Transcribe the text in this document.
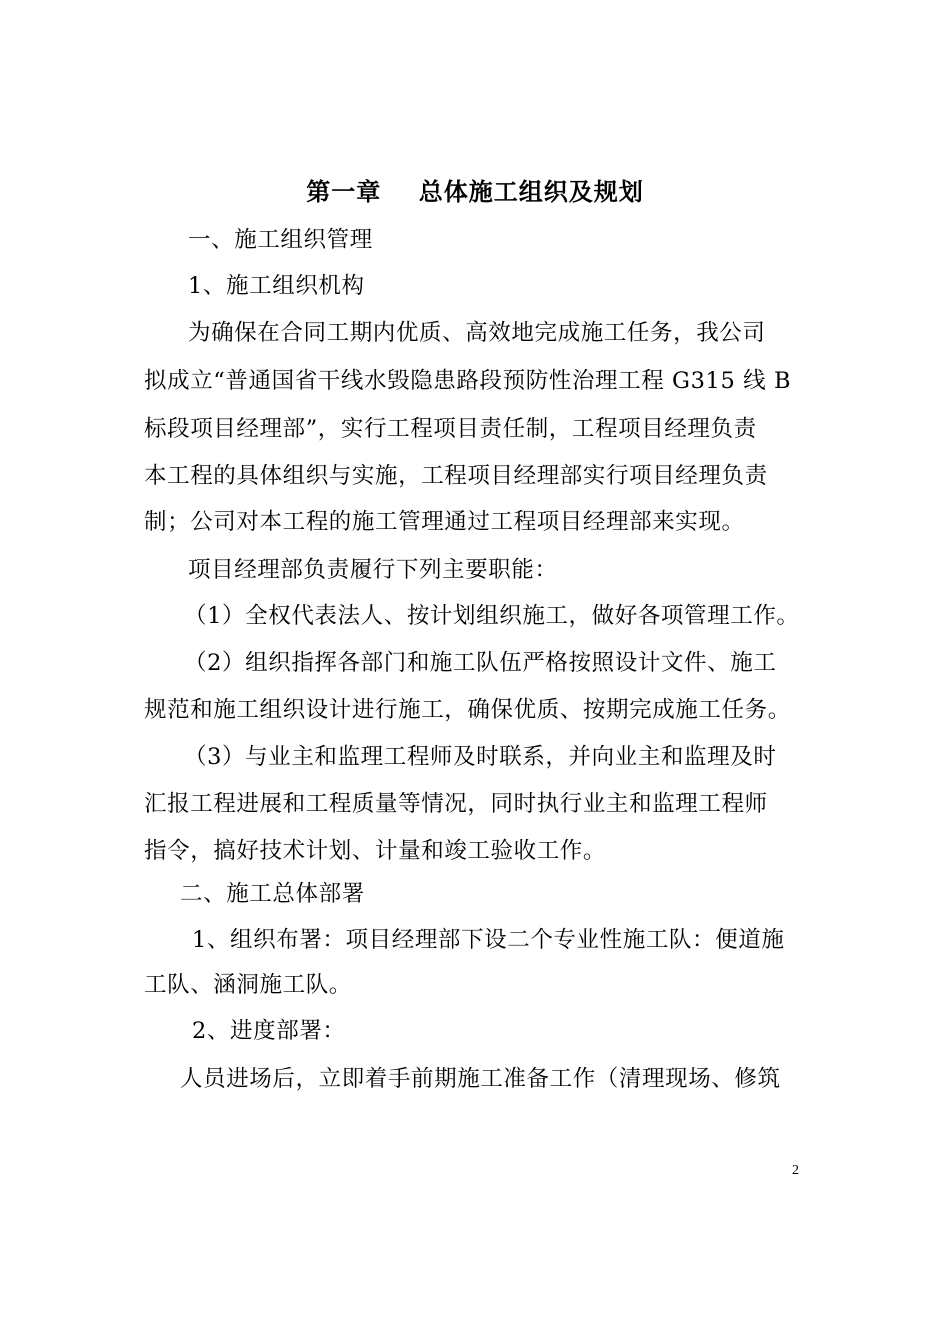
第一章    总体施工组织及规划
一、施工组织管理
1、施工组织机构
为确保在合同工期内优质、高效地完成施工任务，我公司
拟成立“普通国省干线水毁隐患路段预防性治理工程 G315 线 B
标段项目经理部”，实行工程项目责任制，工程项目经理负责
本工程的具体组织与实施，工程项目经理部实行项目经理负责
制；公司对本工程的施工管理通过工程项目经理部来实现。
项目经理部负责履行下列主要职能：
（1）全权代表法人、按计划组织施工，做好各项管理工作。
（2）组织指挥各部门和施工队伍严格按照设计文件、施工
规范和施工组织设计进行施工，确保优质、按期完成施工任务。
（3）与业主和监理工程师及时联系，并向业主和监理及时
汇报工程进展和工程质量等情况，同时执行业主和监理工程师
指令，搞好技术计划、计量和竣工验收工作。
二、施工总体部署
1、组织布署：项目经理部下设二个专业性施工队：便道施
工队、涵洞施工队。
2、进度部署：
人员进场后，立即着手前期施工准备工作（清理现场、修筑
2
